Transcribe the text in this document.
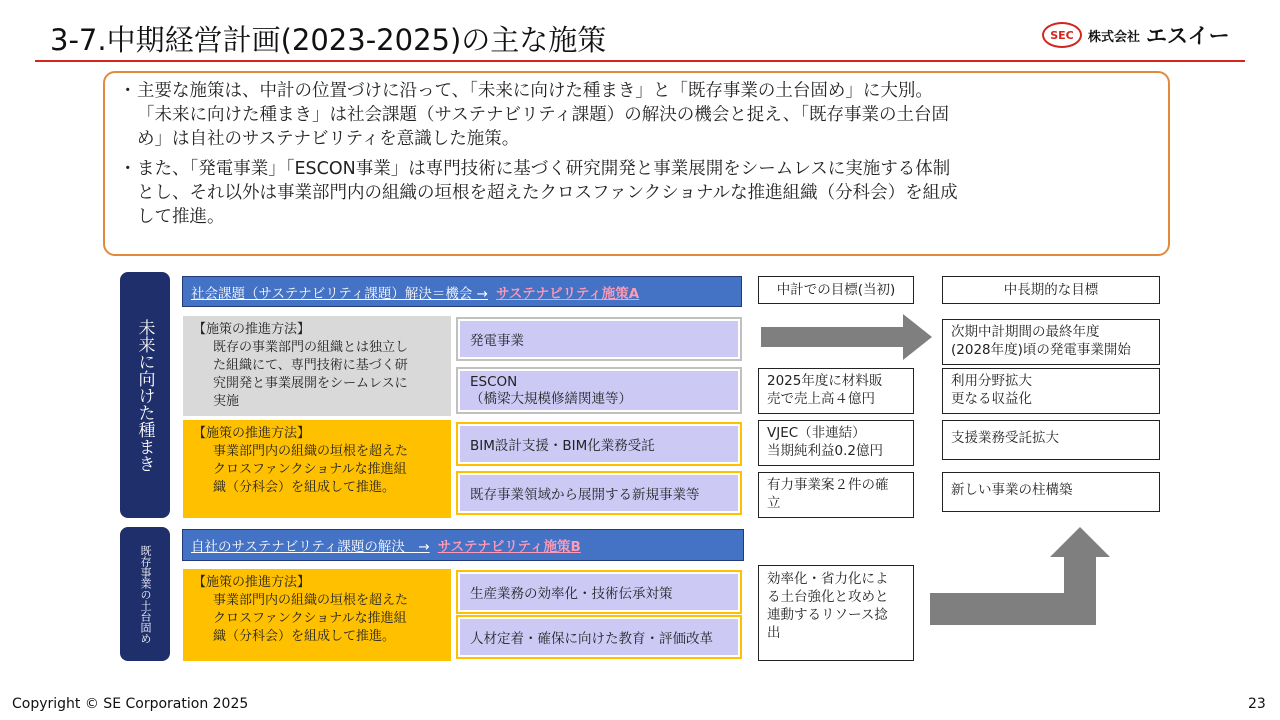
3-7.中期経営計画(2023-2025)の主な施策	SEC	株式会社 エスイー
・ 主要な施策は、中計の位置づけに沿って、「未来に向けた種まき」と「既存事業の土台固め」に大別。
「未来に向けた種まき」は社会課題（サステナビリティ課題）の解決の機会と捉え、「既存事業の土台固
め」は自社のサステナビリティを意識した施策。
・ また、「発電事業」「ESCON事業」は専門技術に基づく研究開発と事業展開をシームレスに実施する体制
とし、それ以外は事業部門内の組織の垣根を超えたクロスファンクショナルな推進組織（分科会）を組成
して推進。
未来に向けた種まき
既存事業の土台固め
社会課題（サステナビリティ課題）解決＝機会 → サステナビリティ施策A
自社のサステナビリティ課題の解決　→ サステナビリティ施策B
【施策の推進方法】
既存の事業部門の組織とは独立し
た組織にて、専門技術に基づく研
究開発と事業展開をシームレスに
実施
【施策の推進方法】
事業部門内の組織の垣根を超えた
クロスファンクショナルな推進組
織（分科会）を組成して推進。
【施策の推進方法】
事業部門内の組織の垣根を超えた
クロスファンクショナルな推進組
織（分科会）を組成して推進。
発電事業
ESCON
（橋梁大規模修繕関連等）
BIM設計支援・BIM化業務受託
既存事業領域から展開する新規事業等
生産業務の効率化・技術伝承対策
人材定着・確保に向けた教育・評価改革
中計での目標(当初)
2025年度に材料販
売で売上高４億円
VJEC（非連結）
当期純利益0.2億円
有力事業案２件の確
立
効率化・省力化によ
る土台強化と攻めと
連動するリソース捻
出
中長期的な目標
次期中計期間の最終年度
(2028年度)頃の発電事業開始
利用分野拡大
更なる収益化
支援業務受託拡大
新しい事業の柱構築
Copyright © SE Corporation 2025	23
